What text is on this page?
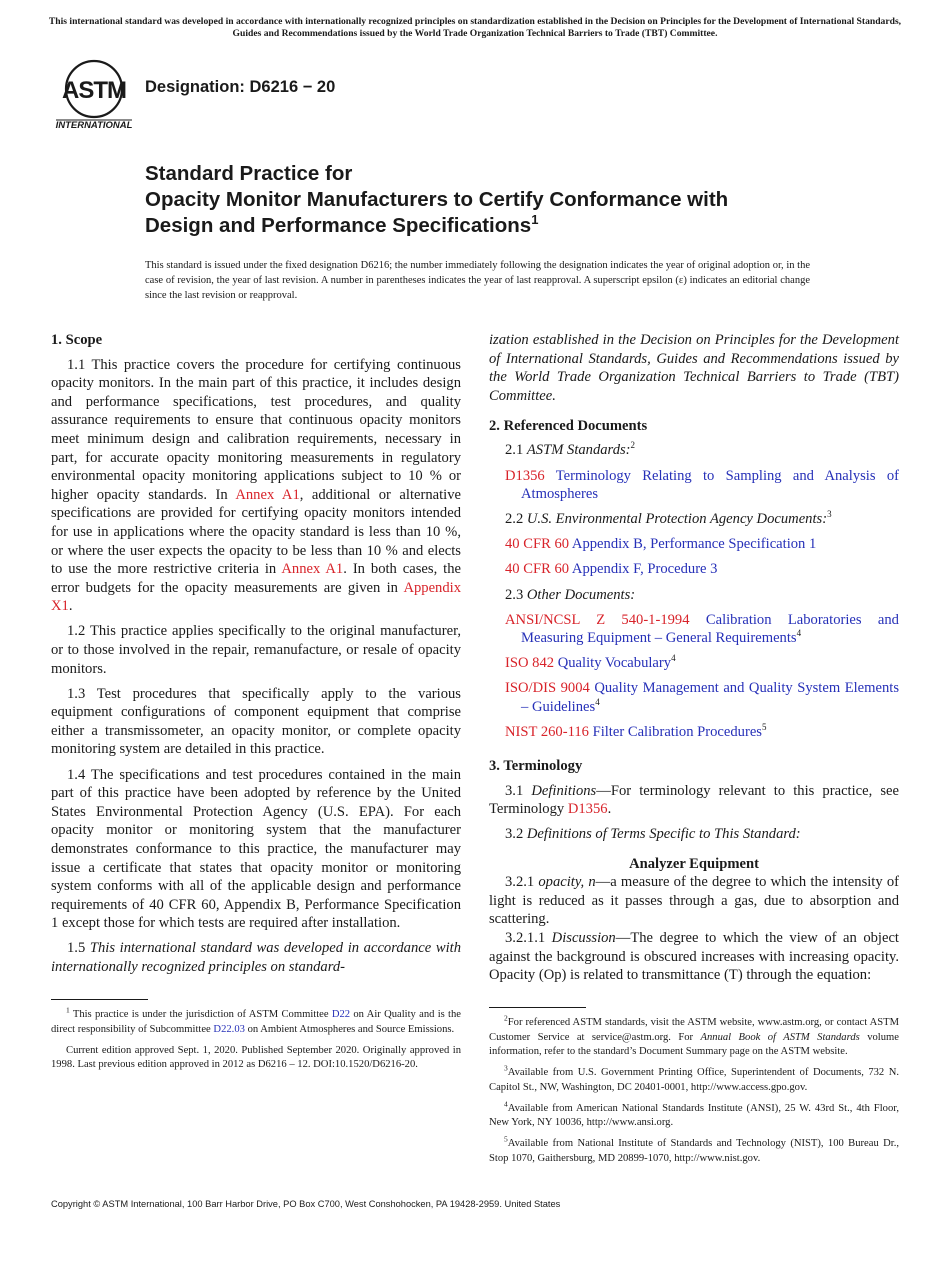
This international standard was developed in accordance with internationally recognized principles on standardization established in the Decision on Principles for the Development of International Standards, Guides and Recommendations issued by the World Trade Organization Technical Barriers to Trade (TBT) Committee.
ASTM
INTERNATIONAL
Designation: D6216 − 20
Standard Practice for
Opacity Monitor Manufacturers to Certify Conformance with
Design and Performance Specifications$^1$
This standard is issued under the fixed designation D6216; the number immediately following the designation indicates the year of original adoption or, in the case of revision, the year of last revision. A number in parentheses indicates the year of last reapproval. A superscript epsilon (ε) indicates an editorial change since the last revision or reapproval.
1. Scope

1.1 This practice covers the procedure for certifying continuous opacity monitors. In the main part of this practice, it includes design and performance specifications, test procedures, and quality assurance requirements to ensure that continuous opacity monitors meet minimum design and calibration requirements, necessary in part, for accurate opacity monitoring measurements in regulatory environmental opacity monitoring applications subject to 10 % or higher opacity standards. In Annex A1, additional or alternative specifications are provided for certifying opacity monitors intended for use in applications where the opacity standard is less than 10 %, or where the user expects the opacity to be less than 10 % and elects to use the more restrictive criteria in Annex A1. In both cases, the error budgets for the opacity measurements are given in Appendix X1.

1.2 This practice applies specifically to the original manufacturer, or to those involved in the repair, remanufacture, or resale of opacity monitors.

1.3 Test procedures that specifically apply to the various equipment configurations of component equipment that comprise either a transmissometer, an opacity monitor, or complete opacity monitoring system are detailed in this practice.

1.4 The specifications and test procedures contained in the main part of this practice have been adopted by reference by the United States Environmental Protection Agency (U.S. EPA). For each opacity monitor or monitoring system that the manufacturer demonstrates conformance to this practice, the manufacturer may issue a certificate that states that opacity monitor or monitoring system conforms with all of the applicable design and performance requirements of 40 CFR 60, Appendix B, Performance Specification 1 except those for which tests are required after installation.

1.5 This international standard was developed in accordance with internationally recognized principles on standard-

$^1$ This practice is under the jurisdiction of ASTM Committee D22 on Air Quality and is the direct responsibility of Subcommittee D22.03 on Ambient Atmospheres and Source Emissions.

Current edition approved Sept. 1, 2020. Published September 2020. Originally approved in 1998. Last previous edition approved in 2012 as D6216 – 12. DOI:10.1520/D6216-20.

ization established in the Decision on Principles for the Development of International Standards, Guides and Recommendations issued by the World Trade Organization Technical Barriers to Trade (TBT) Committee.

2. Referenced Documents

2.1 ASTM Standards:$^2$

D1356 Terminology Relating to Sampling and Analysis of Atmospheres

2.2 U.S. Environmental Protection Agency Documents:$^3$

40 CFR 60 Appendix B, Performance Specification 1

40 CFR 60 Appendix F, Procedure 3

2.3 Other Documents:

ANSI/NCSL Z 540-1-1994 Calibration Laboratories and Measuring Equipment – General Requirements$^4$

ISO 842 Quality Vocabulary$^4$

ISO/DIS 9004 Quality Management and Quality System Elements – Guidelines$^4$

NIST 260-116 Filter Calibration Procedures$^5$

3. Terminology

3.1 Definitions—For terminology relevant to this practice, see Terminology D1356.

3.2 Definitions of Terms Specific to This Standard:

Analyzer Equipment

3.2.1 opacity, n—a measure of the degree to which the intensity of light is reduced as it passes through a gas, due to absorption and scattering.

3.2.1.1 Discussion—The degree to which the view of an object against the background is obscured increases with increasing opacity. Opacity (Op) is related to transmittance (T) through the equation:

$^2$For referenced ASTM standards, visit the ASTM website, www.astm.org, or contact ASTM Customer Service at service@astm.org. For Annual Book of ASTM Standards volume information, refer to the standard’s Document Summary page on the ASTM website.

$^3$Available from U.S. Government Printing Office, Superintendent of Documents, 732 N. Capitol St., NW, Washington, DC 20401-0001, http://www.access.gpo.gov.

$^4$Available from American National Standards Institute (ANSI), 25 W. 43rd St., 4th Floor, New York, NY 10036, http://www.ansi.org.

$^5$Available from National Institute of Standards and Technology (NIST), 100 Bureau Dr., Stop 1070, Gaithersburg, MD 20899-1070, http://www.nist.gov.

Copyright © ASTM International, 100 Barr Harbor Drive, PO Box C700, West Conshohocken, PA 19428-2959. United States
